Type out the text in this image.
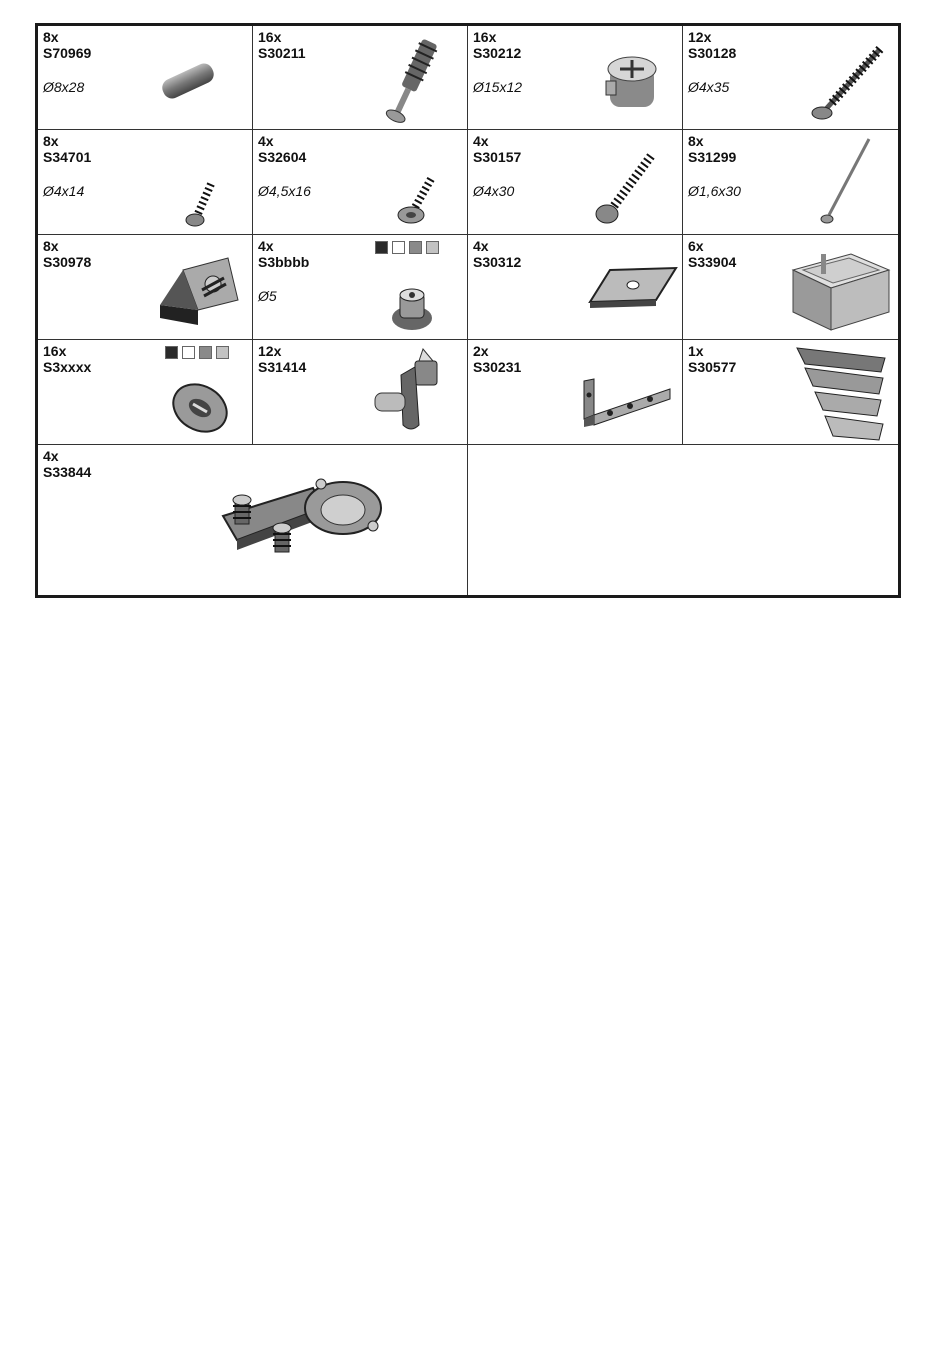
8x
S70969
Ø8x28
16x
S30211
16x
S30212
Ø15x12
12x
S30128
Ø4x35
8x
S34701
Ø4x14
4x
S32604
Ø4,5x16
4x
S30157
Ø4x30
8x
S31299
Ø1,6x30
8x
S30978
4x
S3bbbb
Ø5
4x
S30312
6x
S33904
16x
S3xxxx
12x
S31414
2x
S30231
1x
S30577
4x
S33844
